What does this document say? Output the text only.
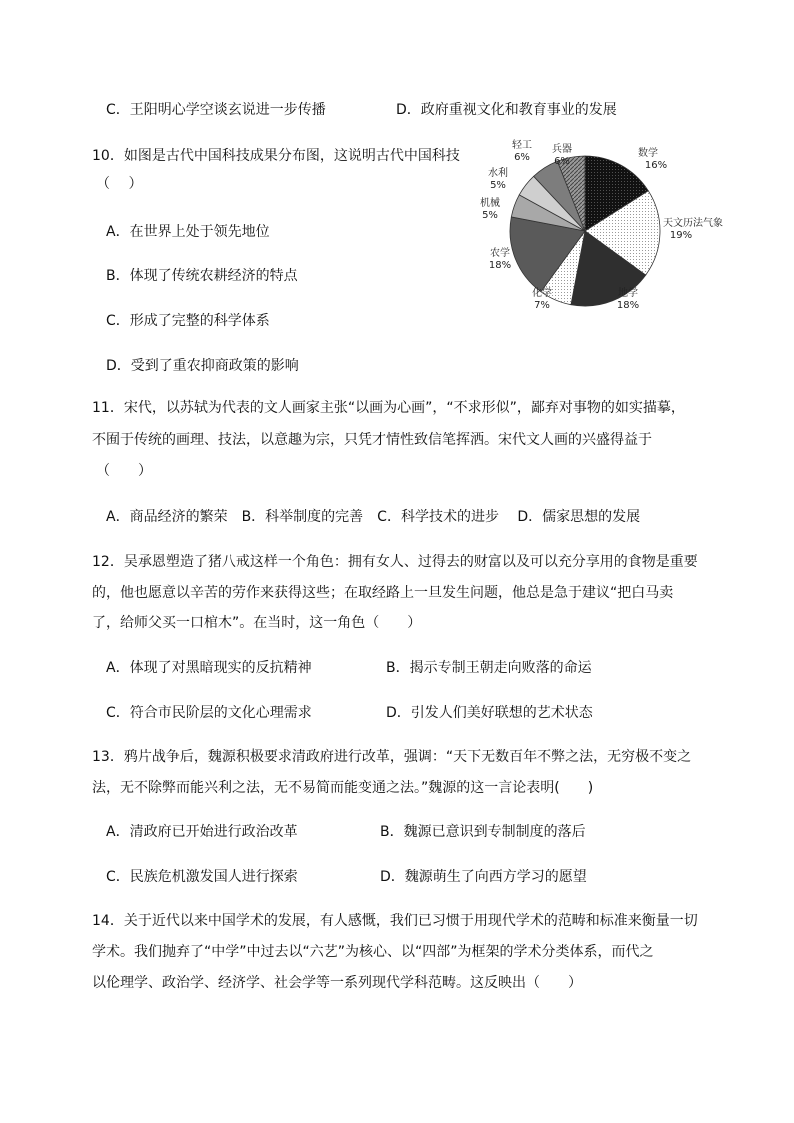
C．王阳明心学空谈玄说进一步传播	D．政府重视文化和教育事业的发展
10．如图是古代中国科技成果分布图，这说明古代中国科技
（　 ）
A．在世界上处于领先地位
B．体现了传统农耕经济的特点
C．形成了完整的科学体系
D．受到了重农抑商政策的影响
数学
16%
天文历法气象
19%
地学
18%
化学
7%
农学
18%
机械
5%
水利
5%
轻工
6%
兵器
6%
11．宋代，以苏轼为代表的文人画家主张“以画为心画”，“不求形似”，鄙弃对事物的如实描摹，
不囿于传统的画理、技法，以意趣为宗，只凭才情性致信笔挥洒。宋代文人画的兴盛得益于
（　　）
A．商品经济的繁荣　B．科举制度的完善　C．科学技术的进步　 D．儒家思想的发展
12．吴承恩塑造了猪八戒这样一个角色：拥有女人、过得去的财富以及可以充分享用的食物是重要
的，他也愿意以辛苦的劳作来获得这些；在取经路上一旦发生问题，他总是急于建议“把白马卖
了，给师父买一口棺木”。在当时，这一角色（　　）
A．体现了对黑暗现实的反抗精神	B．揭示专制王朝走向败落的命运
C．符合市民阶层的文化心理需求	D．引发人们美好联想的艺术状态
13．鸦片战争后，魏源积极要求清政府进行改革，强调：“天下无数百年不弊之法，无穷极不变之
法，无不除弊而能兴利之法，无不易简而能变通之法。”魏源的这一言论表明(　　)
A．清政府已开始进行政治改革	B．魏源已意识到专制制度的落后
C．民族危机激发国人进行探索	D．魏源萌生了向西方学习的愿望
14．关于近代以来中国学术的发展，有人感慨，我们已习惯于用现代学术的范畴和标准来衡量一切
学术。我们抛弃了“中学”中过去以“六艺”为核心、以“四部”为框架的学术分类体系，而代之
以伦理学、政治学、经济学、社会学等一系列现代学科范畴。这反映出（　　）
